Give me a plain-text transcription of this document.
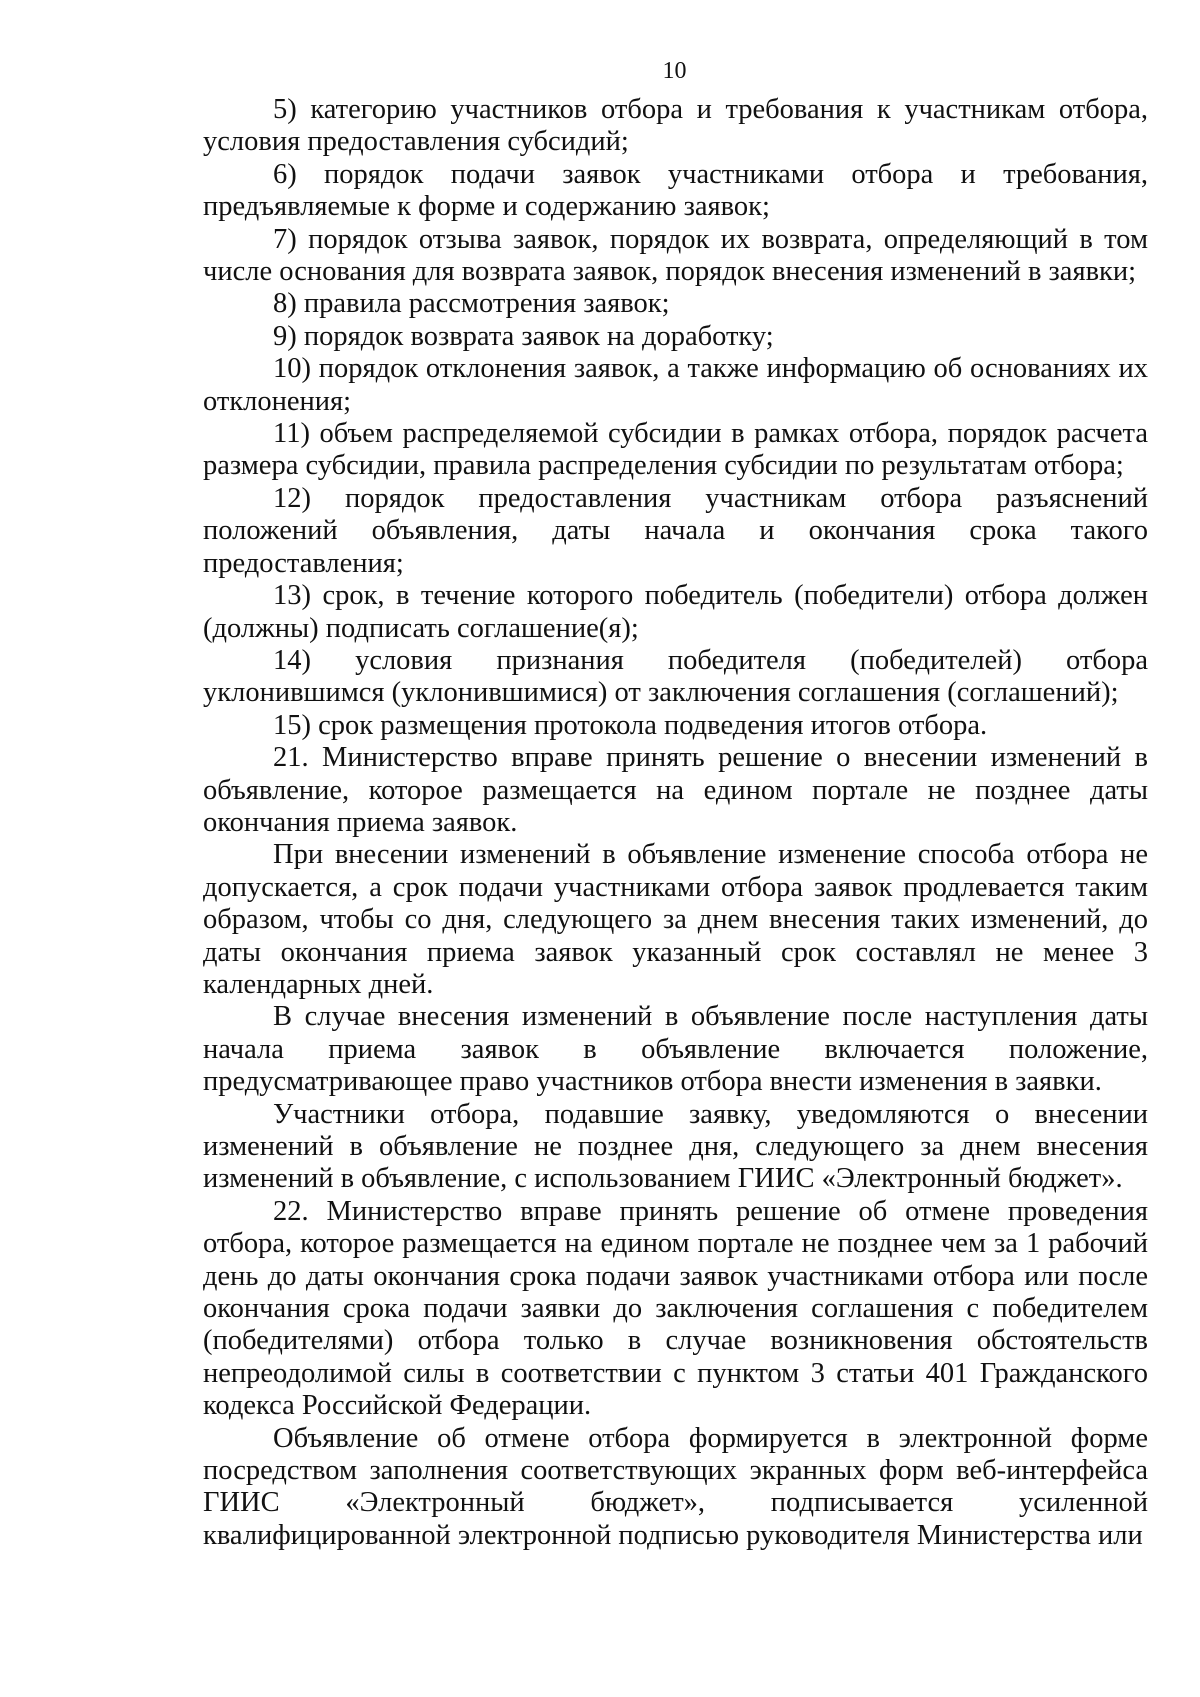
10

5) категорию участников отбора и требования к участникам отбора, условия предоставления субсидий;

6) порядок подачи заявок участниками отбора и требования, предъявляемые к форме и содержанию заявок;

7) порядок отзыва заявок, порядок их возврата, определяющий в том числе основания для возврата заявок, порядок внесения изменений в заявки;

8) правила рассмотрения заявок;

9) порядок возврата заявок на доработку;

10) порядок отклонения заявок, а также информацию об основаниях их отклонения;

11) объем распределяемой субсидии в рамках отбора, порядок расчета размера субсидии, правила распределения субсидии по результатам отбора;

12) порядок предоставления участникам отбора разъяснений положений объявления, даты начала и окончания срока такого предоставления;

13) срок, в течение которого победитель (победители) отбора должен (должны) подписать соглашение(я);

14) условия признания победителя (победителей) отбора уклонившимся (уклонившимися) от заключения соглашения (соглашений);

15) срок размещения протокола подведения итогов отбора.

21. Министерство вправе принять решение о внесении изменений в объявление, которое размещается на едином портале не позднее даты окончания приема заявок.

При внесении изменений в объявление изменение способа отбора не допускается, а срок подачи участниками отбора заявок продлевается таким образом, чтобы со дня, следующего за днем внесения таких изменений, до даты окончания приема заявок указанный срок составлял не менее 3 календарных дней.

В случае внесения изменений в объявление после наступления даты начала приема заявок в объявление включается положение, предусматривающее право участников отбора внести изменения в заявки.

Участники отбора, подавшие заявку, уведомляются о внесении изменений в объявление не позднее дня, следующего за днем внесения изменений в объявление, с использованием ГИИС «Электронный бюджет».

22. Министерство вправе принять решение об отмене проведения отбора, которое размещается на едином портале не позднее чем за 1 рабочий день до даты окончания срока подачи заявок участниками отбора или после окончания срока подачи заявки до заключения соглашения с победителем (победителями) отбора только в случае возникновения обстоятельств непреодолимой силы в соответствии с пунктом 3 статьи 401 Гражданского кодекса Российской Федерации.

Объявление об отмене отбора формируется в электронной форме посредством заполнения соответствующих экранных форм веб-интерфейса ГИИС «Электронный бюджет», подписывается усиленной квалифицированной электронной подписью руководителя Министерства или
